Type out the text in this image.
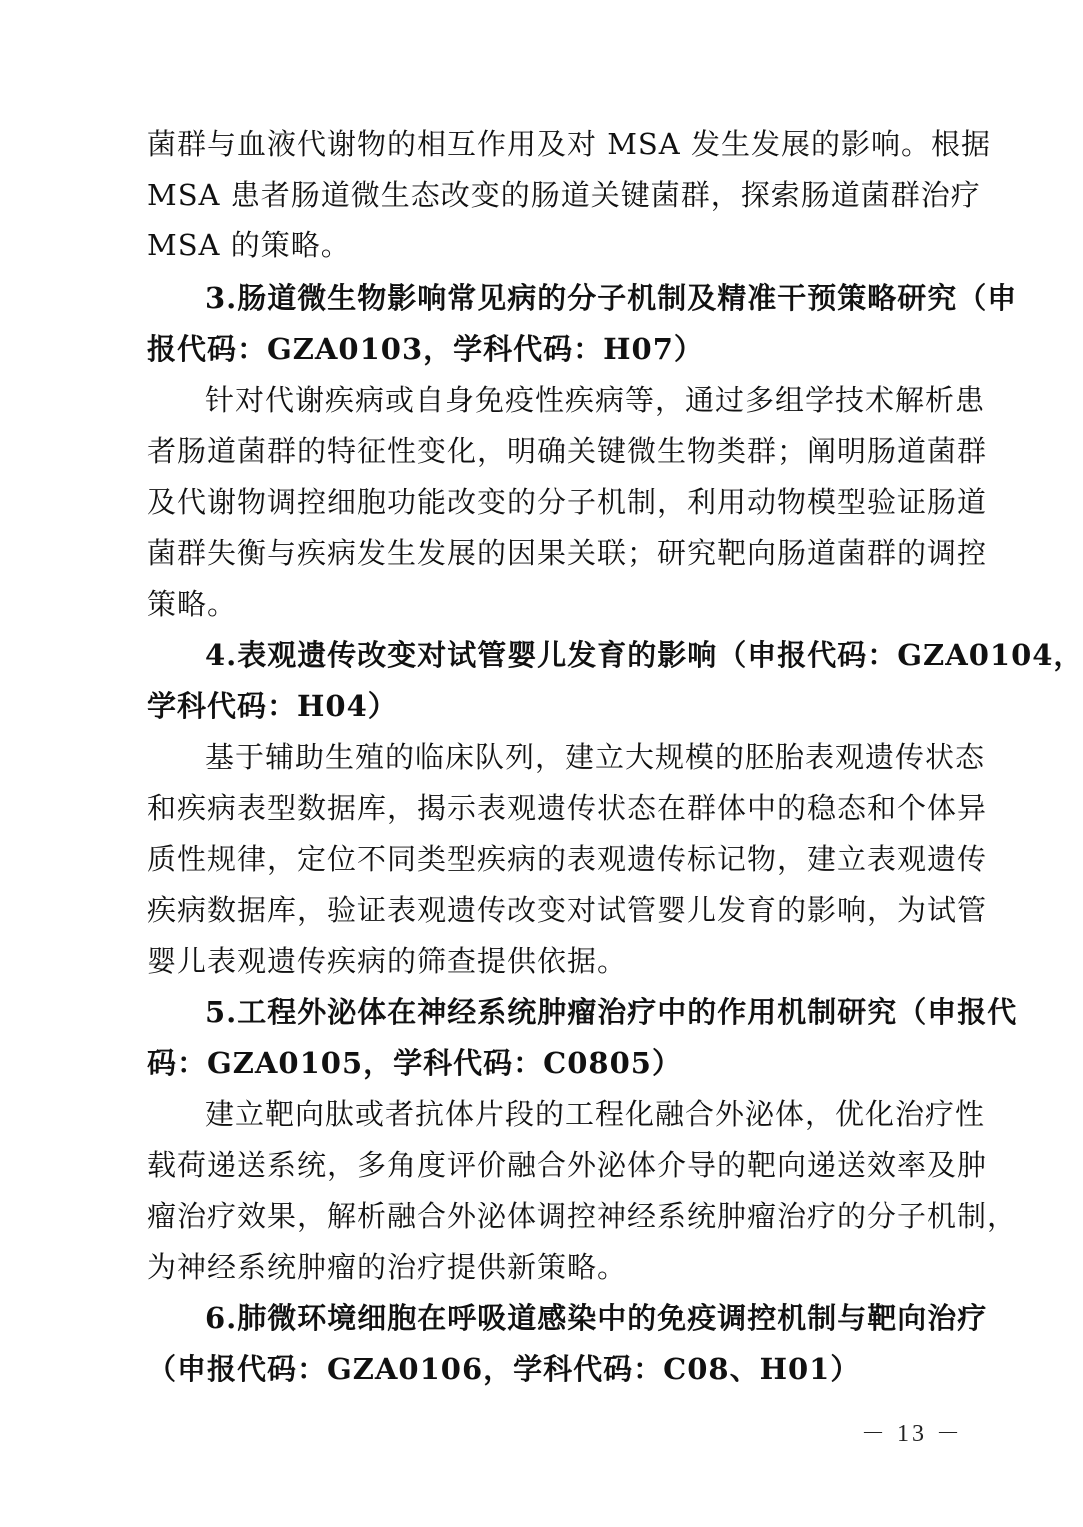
菌群与血液代谢物的相互作用及对 MSA 发生发展的影响。根据
MSA 患者肠道微生态改变的肠道关键菌群，探索肠道菌群治疗
MSA 的策略。
3.肠道微生物影响常见病的分子机制及精准干预策略研究（申
报代码：GZA0103，学科代码：H07）
针对代谢疾病或自身免疫性疾病等，通过多组学技术解析患
者肠道菌群的特征性变化，明确关键微生物类群；阐明肠道菌群
及代谢物调控细胞功能改变的分子机制，利用动物模型验证肠道
菌群失衡与疾病发生发展的因果关联；研究靶向肠道菌群的调控
策略。
4.表观遗传改变对试管婴儿发育的影响（申报代码：GZA0104，
学科代码：H04）
基于辅助生殖的临床队列，建立大规模的胚胎表观遗传状态
和疾病表型数据库，揭示表观遗传状态在群体中的稳态和个体异
质性规律，定位不同类型疾病的表观遗传标记物，建立表观遗传
疾病数据库，验证表观遗传改变对试管婴儿发育的影响，为试管
婴儿表观遗传疾病的筛查提供依据。
5.工程外泌体在神经系统肿瘤治疗中的作用机制研究（申报代
码：GZA0105，学科代码：C0805）
建立靶向肽或者抗体片段的工程化融合外泌体，优化治疗性
载荷递送系统，多角度评价融合外泌体介导的靶向递送效率及肿
瘤治疗效果，解析融合外泌体调控神经系统肿瘤治疗的分子机制，
为神经系统肿瘤的治疗提供新策略。
6.肺微环境细胞在呼吸道感染中的免疫调控机制与靶向治疗
（申报代码：GZA0106，学科代码：C08、H01）
－ 13 －
